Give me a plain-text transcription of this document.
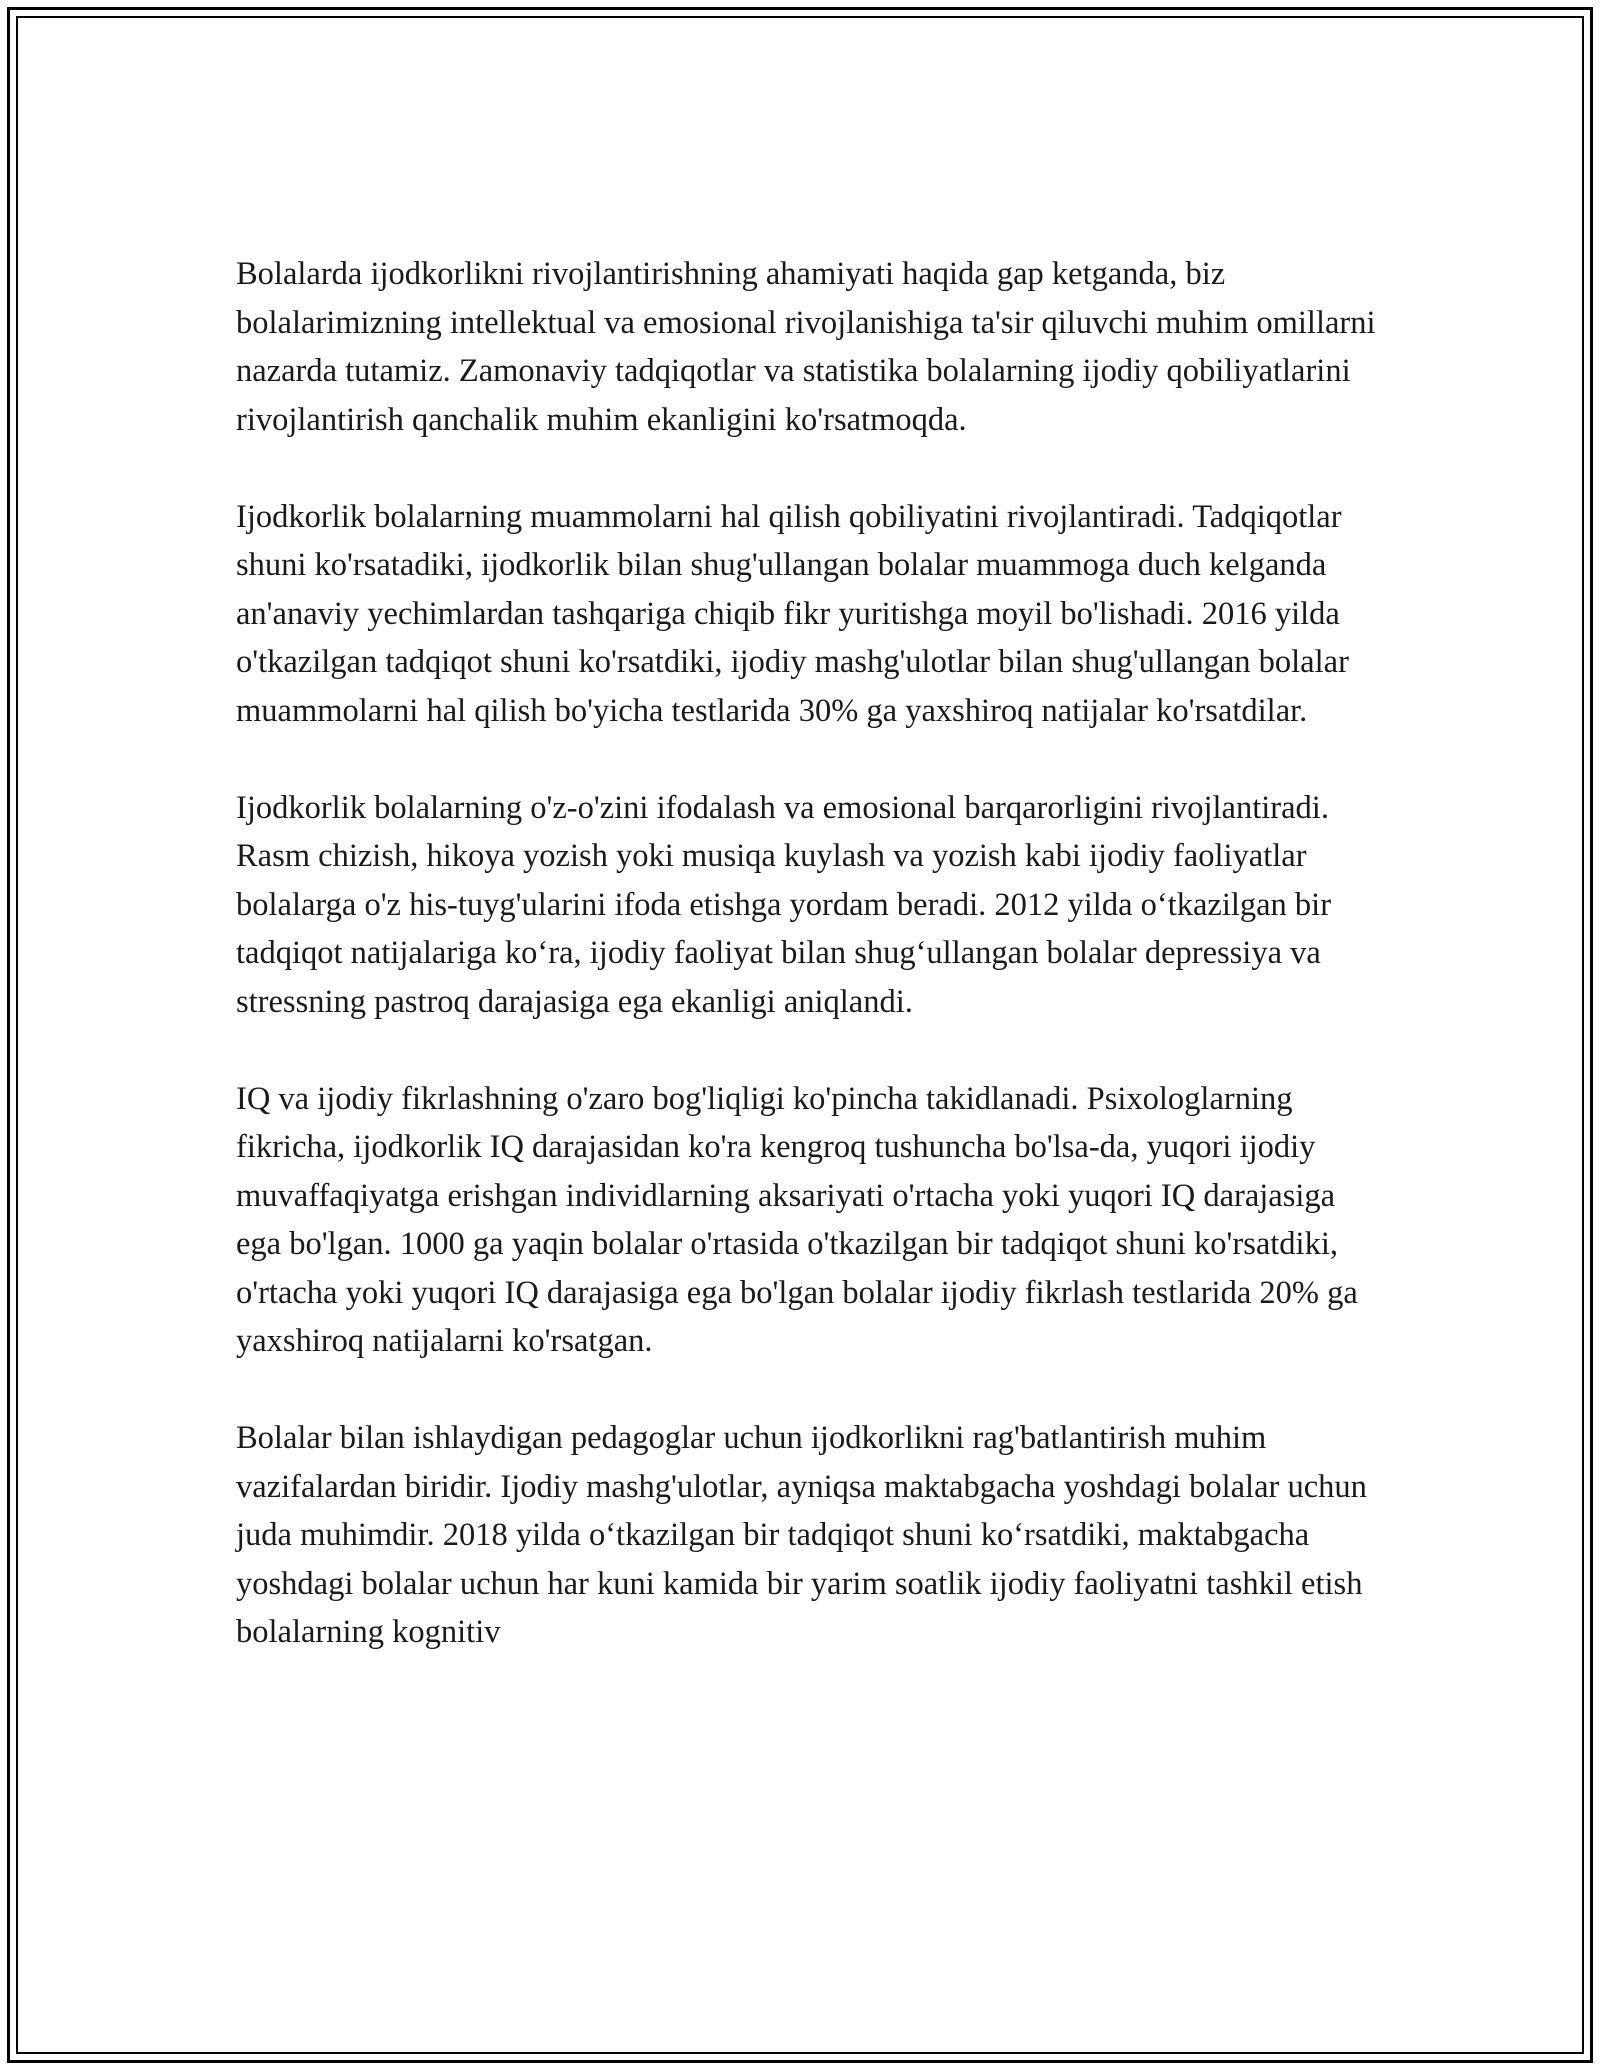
Bolalarda ijodkorlikni rivojlantirishning ahamiyati haqida gap ketganda, biz bolalarimizning intellektual va emosional rivojlanishiga ta'sir qiluvchi muhim omillarni nazarda tutamiz. Zamonaviy tadqiqotlar va statistika bolalarning ijodiy qobiliyatlarini rivojlantirish qanchalik muhim ekanligini ko'rsatmoqda.

Ijodkorlik bolalarning muammolarni hal qilish qobiliyatini rivojlantiradi. Tadqiqotlar shuni ko'rsatadiki, ijodkorlik bilan shug'ullangan bolalar muammoga duch kelganda an'anaviy yechimlardan tashqariga chiqib fikr yuritishga moyil bo'lishadi. 2016 yilda o'tkazilgan tadqiqot shuni ko'rsatdiki, ijodiy mashg'ulotlar bilan shug'ullangan bolalar muammolarni hal qilish bo'yicha testlarida 30% ga yaxshiroq natijalar ko'rsatdilar.

Ijodkorlik bolalarning o'z-o'zini ifodalash va emosional barqarorligini rivojlantiradi. Rasm chizish, hikoya yozish yoki musiqa kuylash va yozish kabi ijodiy faoliyatlar bolalarga o'z his-tuyg'ularini ifoda etishga yordam beradi. 2012 yilda o‘tkazilgan bir tadqiqot natijalariga ko‘ra, ijodiy faoliyat bilan shug‘ullangan bolalar depressiya va stressning pastroq darajasiga ega ekanligi aniqlandi.

IQ va ijodiy fikrlashning o'zaro bog'liqligi ko'pincha takidlanadi. Psixologlarning fikricha, ijodkorlik IQ darajasidan ko'ra kengroq tushuncha bo'lsa-da, yuqori ijodiy muvaffaqiyatga erishgan individlarning aksariyati o'rtacha yoki yuqori IQ darajasiga ega bo'lgan. 1000 ga yaqin bolalar o'rtasida o'tkazilgan bir tadqiqot shuni ko'rsatdiki, o'rtacha yoki yuqori IQ darajasiga ega bo'lgan bolalar ijodiy fikrlash testlarida 20% ga yaxshiroq natijalarni ko'rsatgan.

Bolalar bilan ishlaydigan pedagoglar uchun ijodkorlikni rag'batlantirish muhim vazifalardan biridir. Ijodiy mashg'ulotlar, ayniqsa maktabgacha yoshdagi bolalar uchun juda muhimdir. 2018 yilda o‘tkazilgan bir tadqiqot shuni ko‘rsatdiki, maktabgacha yoshdagi bolalar uchun har kuni kamida bir yarim soatlik ijodiy faoliyatni tashkil etish bolalarning kognitiv
